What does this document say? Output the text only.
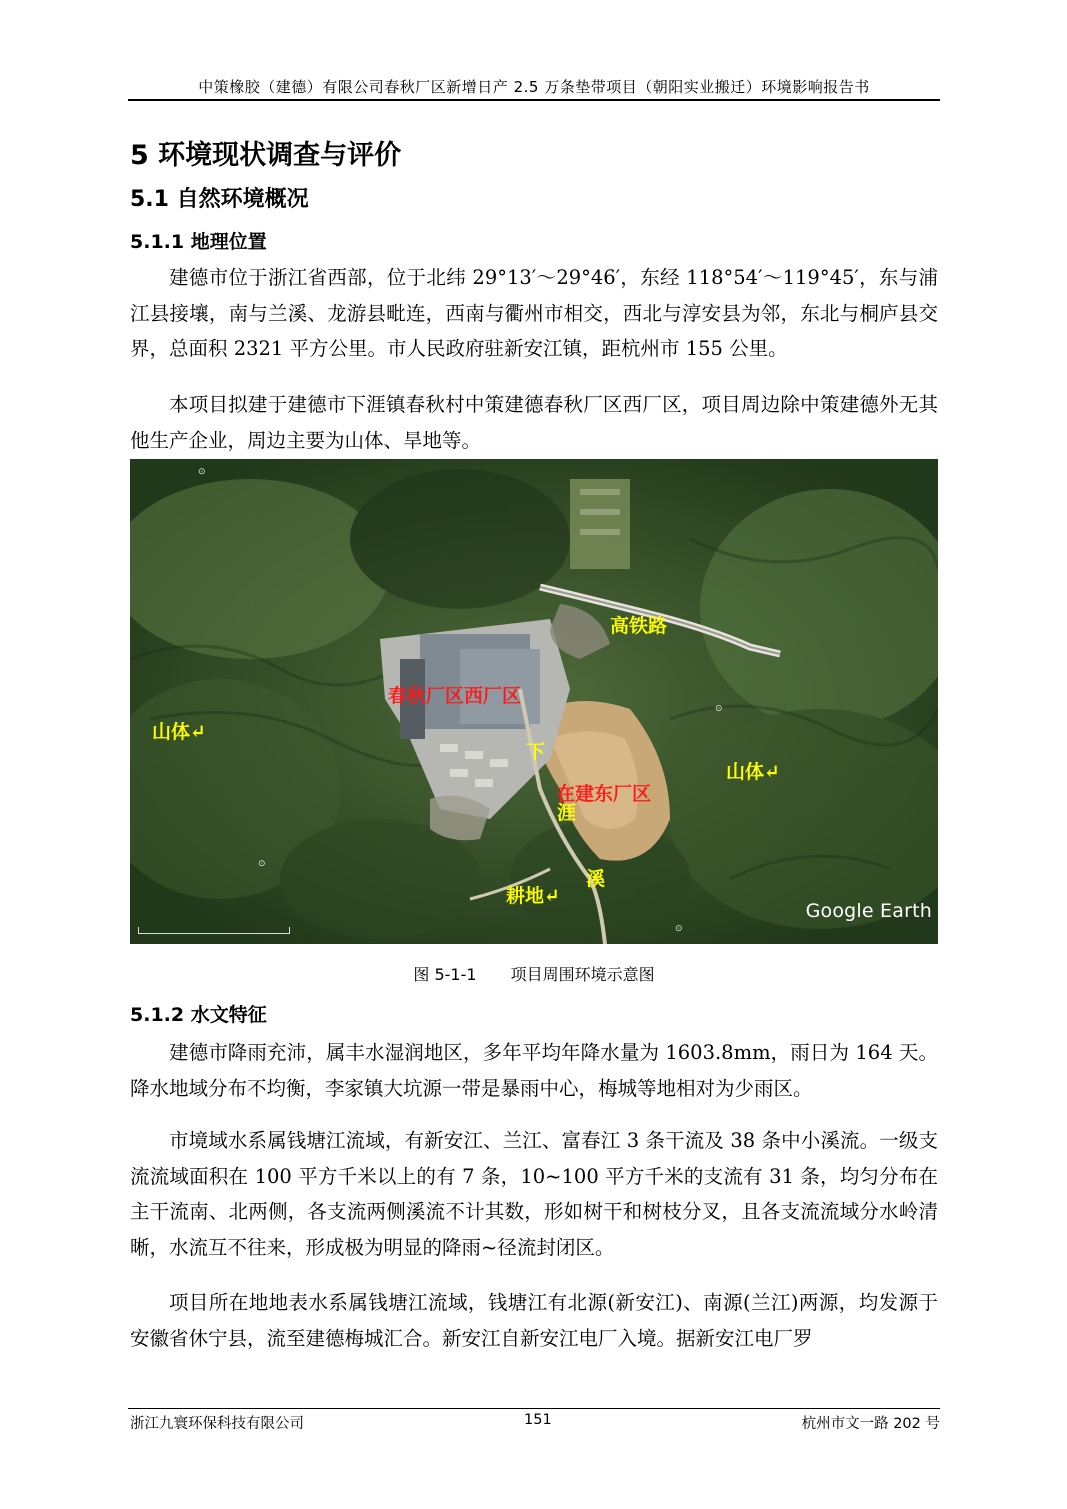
中策橡胶（建德）有限公司春秋厂区新增日产 2.5 万条垫带项目（朝阳实业搬迁）环境影响报告书
5 环境现状调查与评价
5.1 自然环境概况
5.1.1 地理位置

建德市位于浙江省西部，位于北纬 29°13′～29°46′，东经 118°54′～119°45′，东与浦江县接壤，南与兰溪、龙游县毗连，西南与衢州市相交，西北与淳安县为邻，东北与桐庐县交界，总面积 2321 平方公里。市人民政府驻新安江镇，距杭州市 155 公里。

本项目拟建于建德市下涯镇春秋村中策建德春秋厂区西厂区，项目周边除中策建德外无其他生产企业，周边主要为山体、旱地等。

⊙
⊙
⊙
⊙
高铁路
春秋厂区西厂区
山体↵
山体↵
下
在建东厂区
涯
溪
耕地↵
Google Earth
图 5-1-1 项目周围环境示意图
5.1.2 水文特征

建德市降雨充沛，属丰水湿润地区，多年平均年降水量为 1603.8mm，雨日为 164 天。降水地域分布不均衡，李家镇大坑源一带是暴雨中心，梅城等地相对为少雨区。

市境域水系属钱塘江流域，有新安江、兰江、富春江 3 条干流及 38 条中小溪流。一级支流流域面积在 100 平方千米以上的有 7 条，10~100 平方千米的支流有 31 条，均匀分布在主干流南、北两侧，各支流两侧溪流不计其数，形如树干和树枝分叉，且各支流流域分水岭清晰，水流互不往来，形成极为明显的降雨~径流封闭区。

项目所在地地表水系属钱塘江流域，钱塘江有北源(新安江)、南源(兰江)两源，均发源于安徽省休宁县，流至建德梅城汇合。新安江自新安江电厂入境。据新安江电厂罗

浙江九寰环保科技有限公司	151	杭州市文一路 202 号
